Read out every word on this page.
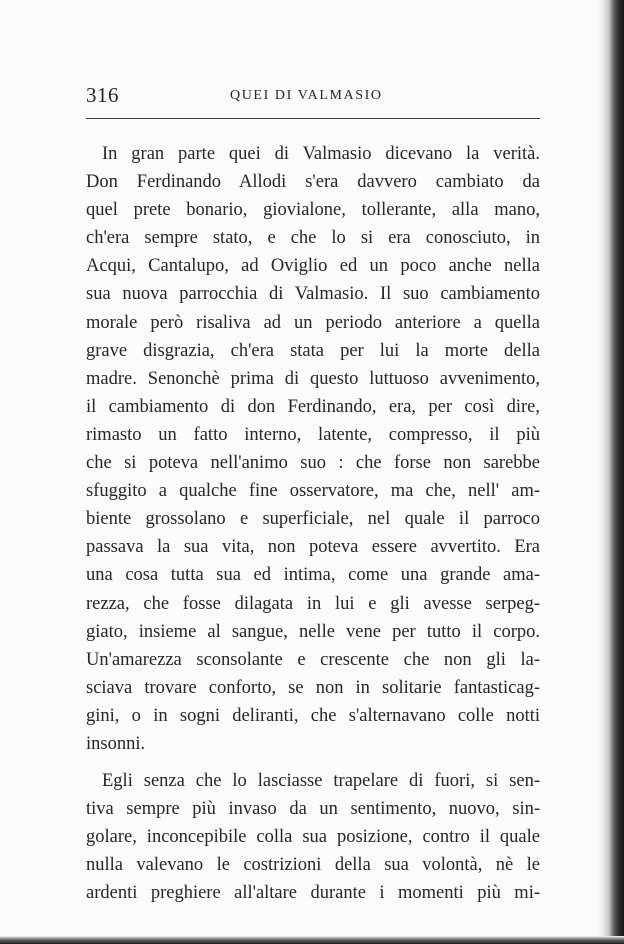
316	QUEI DI VALMASIO
In gran parte quei di Valmasio dicevano la verità.
Don Ferdinando Allodi s'era davvero cambiato da
quel prete bonario, giovialone, tollerante, alla mano,
ch'era sempre stato, e che lo si era conosciuto, in
Acqui, Cantalupo, ad Oviglio ed un poco anche nella
sua nuova parrocchia di Valmasio. Il suo cambiamento
morale però risaliva ad un periodo anteriore a quella
grave disgrazia, ch'era stata per lui la morte della
madre. Senonchè prima di questo luttuoso avvenimento,
il cambiamento di don Ferdinando, era, per così dire,
rimasto un fatto interno, latente, compresso, il più
che si poteva nell'animo suo : che forse non sarebbe
sfuggito a qualche fine osservatore, ma che, nell' am-
biente grossolano e superficiale, nel quale il parroco
passava la sua vita, non poteva essere avvertito. Era
una cosa tutta sua ed intima, come una grande ama-
rezza, che fosse dilagata in lui e gli avesse serpeg-
giato, insieme al sangue, nelle vene per tutto il corpo.
Un'amarezza sconsolante e crescente che non gli la-
sciava trovare conforto, se non in solitarie fantasticag-
gini, o in sogni deliranti, che s'alternavano colle notti
insonni.
Egli senza che lo lasciasse trapelare di fuori, si sen-
tiva sempre più invaso da un sentimento, nuovo, sin-
golare, inconcepibile colla sua posizione, contro il quale
nulla valevano le costrizioni della sua volontà, nè le
ardenti preghiere all'altare durante i momenti più mi-
